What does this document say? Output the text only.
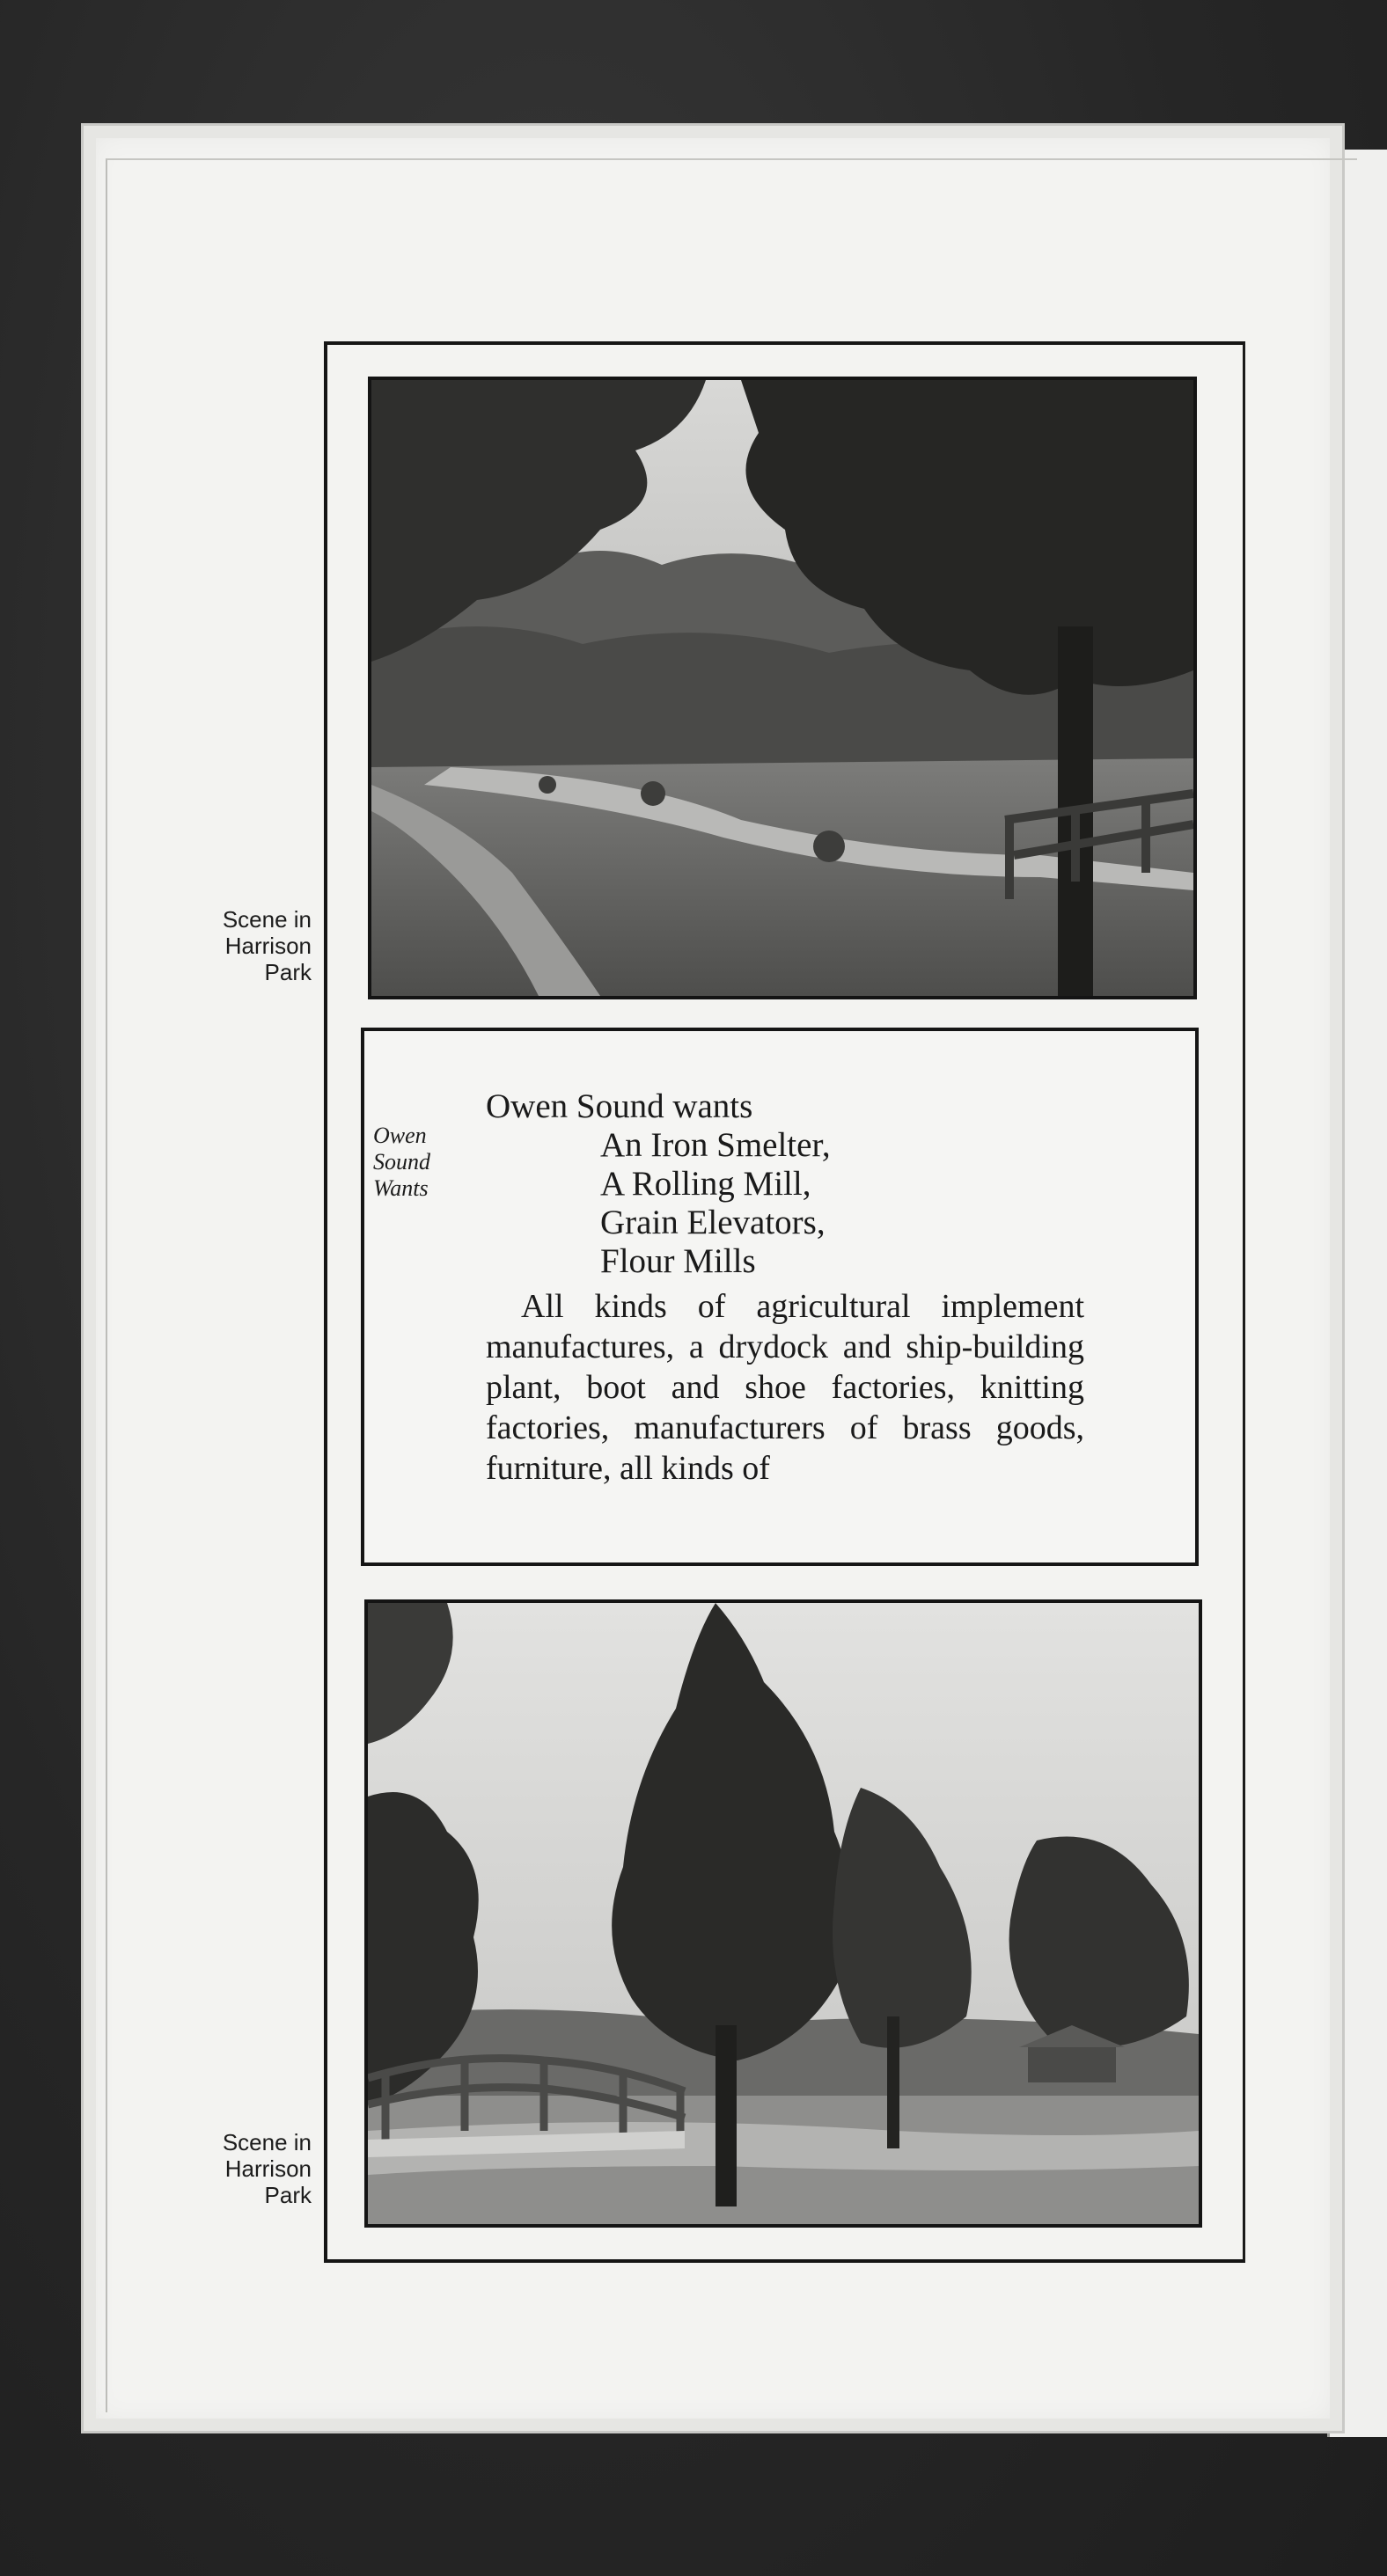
Scene in
Harrison
Park
Owen
Sound
Wants
Owen Sound wants
An Iron Smelter,
A Rolling Mill,
Grain Elevators,
Flour Mills
All kinds of agricultural implement manufactures, a drydock and ship-building plant, boot and shoe factories, knitting factories, manufacturers of brass goods, furniture, all kinds of
Scene in
Harrison
Park
